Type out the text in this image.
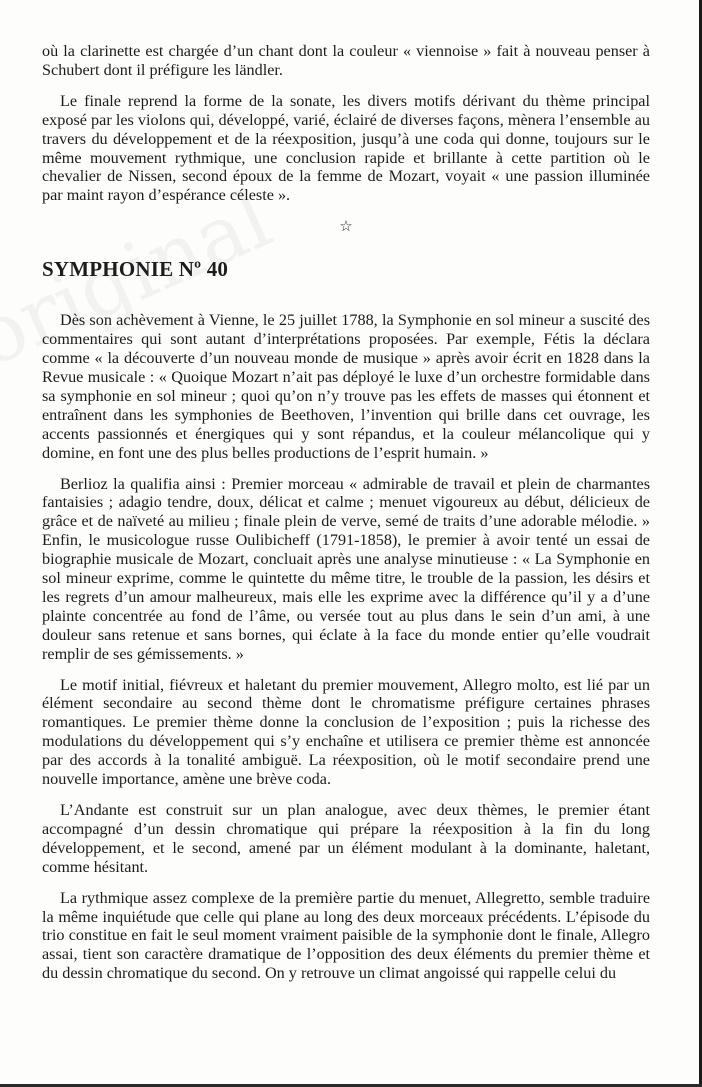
où la clarinette est chargée d’un chant dont la couleur « viennoise » fait à nouveau penser à Schubert dont il préfigure les ländler.

Le finale reprend la forme de la sonate, les divers motifs dérivant du thème principal exposé par les violons qui, développé, varié, éclairé de diverses façons, mènera l’ensemble au travers du développement et de la réexposition, jusqu’à une coda qui donne, toujours sur le même mouvement rythmique, une conclusion rapide et brillante à cette partition où le chevalier de Nissen, second époux de la femme de Mozart, voyait « une passion illuminée par maint rayon d’espérance céleste ».

☆
SYMPHONIE Nº 40

Dès son achèvement à Vienne, le 25 juillet 1788, la Symphonie en sol mineur a suscité des commentaires qui sont autant d’interprétations proposées. Par exemple, Fétis la déclara comme « la découverte d’un nouveau monde de musique » après avoir écrit en 1828 dans la Revue musicale : « Quoique Mozart n’ait pas déployé le luxe d’un orchestre formidable dans sa symphonie en sol mineur ; quoi qu’on n’y trouve pas les effets de masses qui étonnent et entraînent dans les symphonies de Beethoven, l’invention qui brille dans cet ouvrage, les accents passionnés et énergiques qui y sont répandus, et la couleur mélancolique qui y domine, en font une des plus belles productions de l’esprit humain. »

Berlioz la qualifia ainsi : Premier morceau « admirable de travail et plein de charmantes fantaisies ; adagio tendre, doux, délicat et calme ; menuet vigoureux au début, délicieux de grâce et de naïveté au milieu ; finale plein de verve, semé de traits d’une adorable mélodie. » Enfin, le musicologue russe Oulibicheff (1791-1858), le premier à avoir tenté un essai de biographie musicale de Mozart, concluait après une analyse minutieuse : « La Symphonie en sol mineur exprime, comme le quintette du même titre, le trouble de la passion, les désirs et les regrets d’un amour malheureux, mais elle les exprime avec la différence qu’il y a d’une plainte concentrée au fond de l’âme, ou versée tout au plus dans le sein d’un ami, à une douleur sans retenue et sans bornes, qui éclate à la face du monde entier qu’elle voudrait remplir de ses gémissements. »

Le motif initial, fiévreux et haletant du premier mouvement, Allegro molto, est lié par un élément secondaire au second thème dont le chromatisme préfigure certaines phrases romantiques. Le premier thème donne la conclusion de l’exposition ; puis la richesse des modulations du développement qui s’y enchaîne et utilisera ce premier thème est annoncée par des accords à la tonalité ambiguë. La réexposition, où le motif secondaire prend une nouvelle importance, amène une brève coda.

L’Andante est construit sur un plan analogue, avec deux thèmes, le premier étant accompagné d’un dessin chromatique qui prépare la réexposition à la fin du long développement, et le second, amené par un élément modulant à la dominante, haletant, comme hésitant.

La rythmique assez complexe de la première partie du menuet, Allegretto, semble traduire la même inquiétude que celle qui plane au long des deux morceaux précédents. L’épisode du trio constitue en fait le seul moment vraiment paisible de la symphonie dont le finale, Allegro assai, tient son caractère dramatique de l’opposition des deux éléments du premier thème et du dessin chromatique du second. On y retrouve un climat angoissé qui rappelle celui du
